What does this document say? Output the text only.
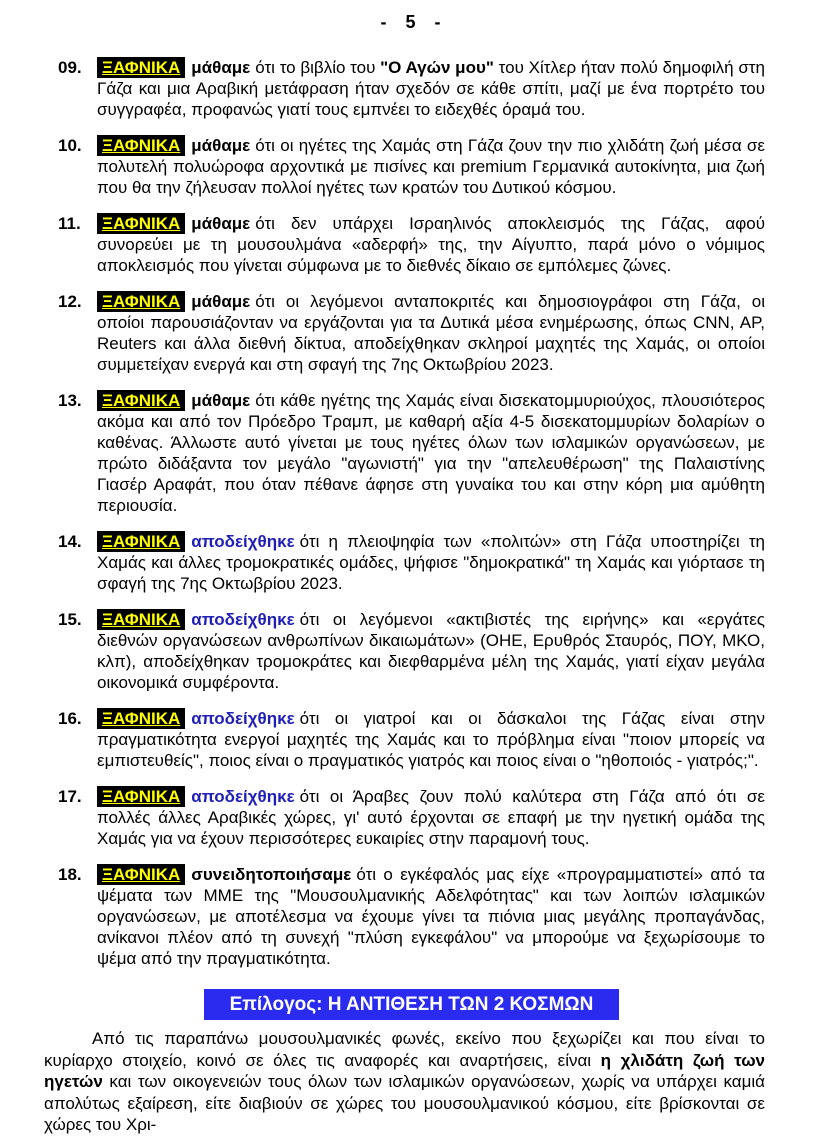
- 5 -
09.	ΞΑΦΝΙΚΑ μάθαμε ότι το βιβλίο του "Ο Αγών μου" του Χίτλερ ήταν πολύ δημοφιλή στη Γάζα και μια Αραβική μετάφραση ήταν σχεδόν σε κάθε σπίτι, μαζί με ένα πορτρέτο του συγγραφέα, προφανώς γιατί τους εμπνέει το ειδεχθές όραμά του.
10.	ΞΑΦΝΙΚΑ μάθαμε ότι οι ηγέτες της Χαμάς στη Γάζα ζουν την πιο χλιδάτη ζωή μέσα σε πολυτελή πολυώροφα αρχοντικά με πισίνες και premium Γερμανικά αυτοκίνητα, μια ζωή που θα την ζήλευσαν πολλοί ηγέτες των κρατών του Δυτικού κόσμου.
11.	ΞΑΦΝΙΚΑ μάθαμε ότι δεν υπάρχει Ισραηλινός αποκλεισμός της Γάζας, αφού συνορεύει με τη μουσουλμάνα «αδερφή» της, την Αίγυπτο, παρά μόνο ο νόμιμος αποκλεισμός που γίνεται σύμφωνα με το διεθνές δίκαιο σε εμπόλεμες ζώνες.
12.	ΞΑΦΝΙΚΑ μάθαμε ότι οι λεγόμενοι ανταποκριτές και δημοσιογράφοι στη Γάζα, οι οποίοι παρουσιάζονταν να εργάζονται για τα Δυτικά μέσα ενημέρωσης, όπως CNN, AP, Reuters και άλλα διεθνή δίκτυα, αποδείχθηκαν σκληροί μαχητές της Χαμάς, οι οποίοι συμμετείχαν ενεργά και στη σφαγή της 7ης Οκτωβρίου 2023.
13.	ΞΑΦΝΙΚΑ μάθαμε ότι κάθε ηγέτης της Χαμάς είναι δισεκατομμυριούχος, πλουσιότερος ακόμα και από τον Πρόεδρο Τραμπ, με καθαρή αξία 4-5 δισεκατομμυρίων δολαρίων ο καθένας. Άλλωστε αυτό γίνεται με τους ηγέτες όλων των ισλαμικών οργανώσεων, με πρώτο διδάξαντα τον μεγάλο "αγωνιστή" για την "απελευθέρωση" της Παλαιστίνης Γιασέρ Αραφάτ, που όταν πέθανε άφησε στη γυναίκα του και στην κόρη μια αμύθητη περιουσία.
14.	ΞΑΦΝΙΚΑ αποδείχθηκε ότι η πλειοψηφία των «πολιτών» στη Γάζα υποστηρίζει τη Χαμάς και άλλες τρομοκρατικές ομάδες, ψήφισε "δημοκρατικά" τη Χαμάς και γιόρτασε τη σφαγή της 7ης Οκτωβρίου 2023.
15.	ΞΑΦΝΙΚΑ αποδείχθηκε ότι οι λεγόμενοι «ακτιβιστές της ειρήνης» και «εργάτες διεθνών οργανώσεων ανθρωπίνων δικαιωμάτων» (ΟΗΕ, Ερυθρός Σταυρός, ΠΟΥ, ΜΚΟ, κλπ), αποδείχθηκαν τρομοκράτες και διεφθαρμένα μέλη της Χαμάς, γιατί είχαν μεγάλα οικονομικά συμφέροντα.
16.	ΞΑΦΝΙΚΑ αποδείχθηκε ότι οι γιατροί και οι δάσκαλοι της Γάζας είναι στην πραγματικότητα ενεργοί μαχητές της Χαμάς και το πρόβλημα είναι "ποιον μπορείς να εμπιστευθείς", ποιος είναι ο πραγματικός γιατρός και ποιος είναι ο "ηθοποιός - γιατρός;".
17.	ΞΑΦΝΙΚΑ αποδείχθηκε ότι οι Άραβες ζουν πολύ καλύτερα στη Γάζα από ότι σε πολλές άλλες Αραβικές χώρες, γι' αυτό έρχονται σε επαφή με την ηγετική ομάδα της Χαμάς για να έχουν περισσότερες ευκαιρίες στην παραμονή τους.
18.	ΞΑΦΝΙΚΑ συνειδητοποιήσαμε ότι ο εγκέφαλός μας είχε «προγραμματιστεί» από τα ψέματα των ΜΜΕ της "Μουσουλμανικής Αδελφότητας" και των λοιπών ισλαμικών οργανώσεων, με αποτέλεσμα να έχουμε γίνει τα πιόνια μιας μεγάλης προπαγάνδας, ανίκανοι πλέον από τη συνεχή "πλύση εγκεφάλου" να μπορούμε να ξεχωρίσουμε το ψέμα από την πραγματικότητα.
Επίλογος: Η ΑΝΤΙΘΕΣΗ ΤΩΝ 2 ΚΟΣΜΩΝ

Από τις παραπάνω μουσουλμανικές φωνές, εκείνο που ξεχωρίζει και που είναι το κυρίαρχο στοιχείο, κοινό σε όλες τις αναφορές και αναρτήσεις, είναι η χλιδάτη ζωή των ηγετών και των οικογενειών τους όλων των ισλαμικών οργανώσεων, χωρίς να υπάρχει καμιά απολύτως εξαίρεση, είτε διαβιούν σε χώρες του μουσουλμανικού κόσμου, είτε βρίσκονται σε χώρες του Χρι-
